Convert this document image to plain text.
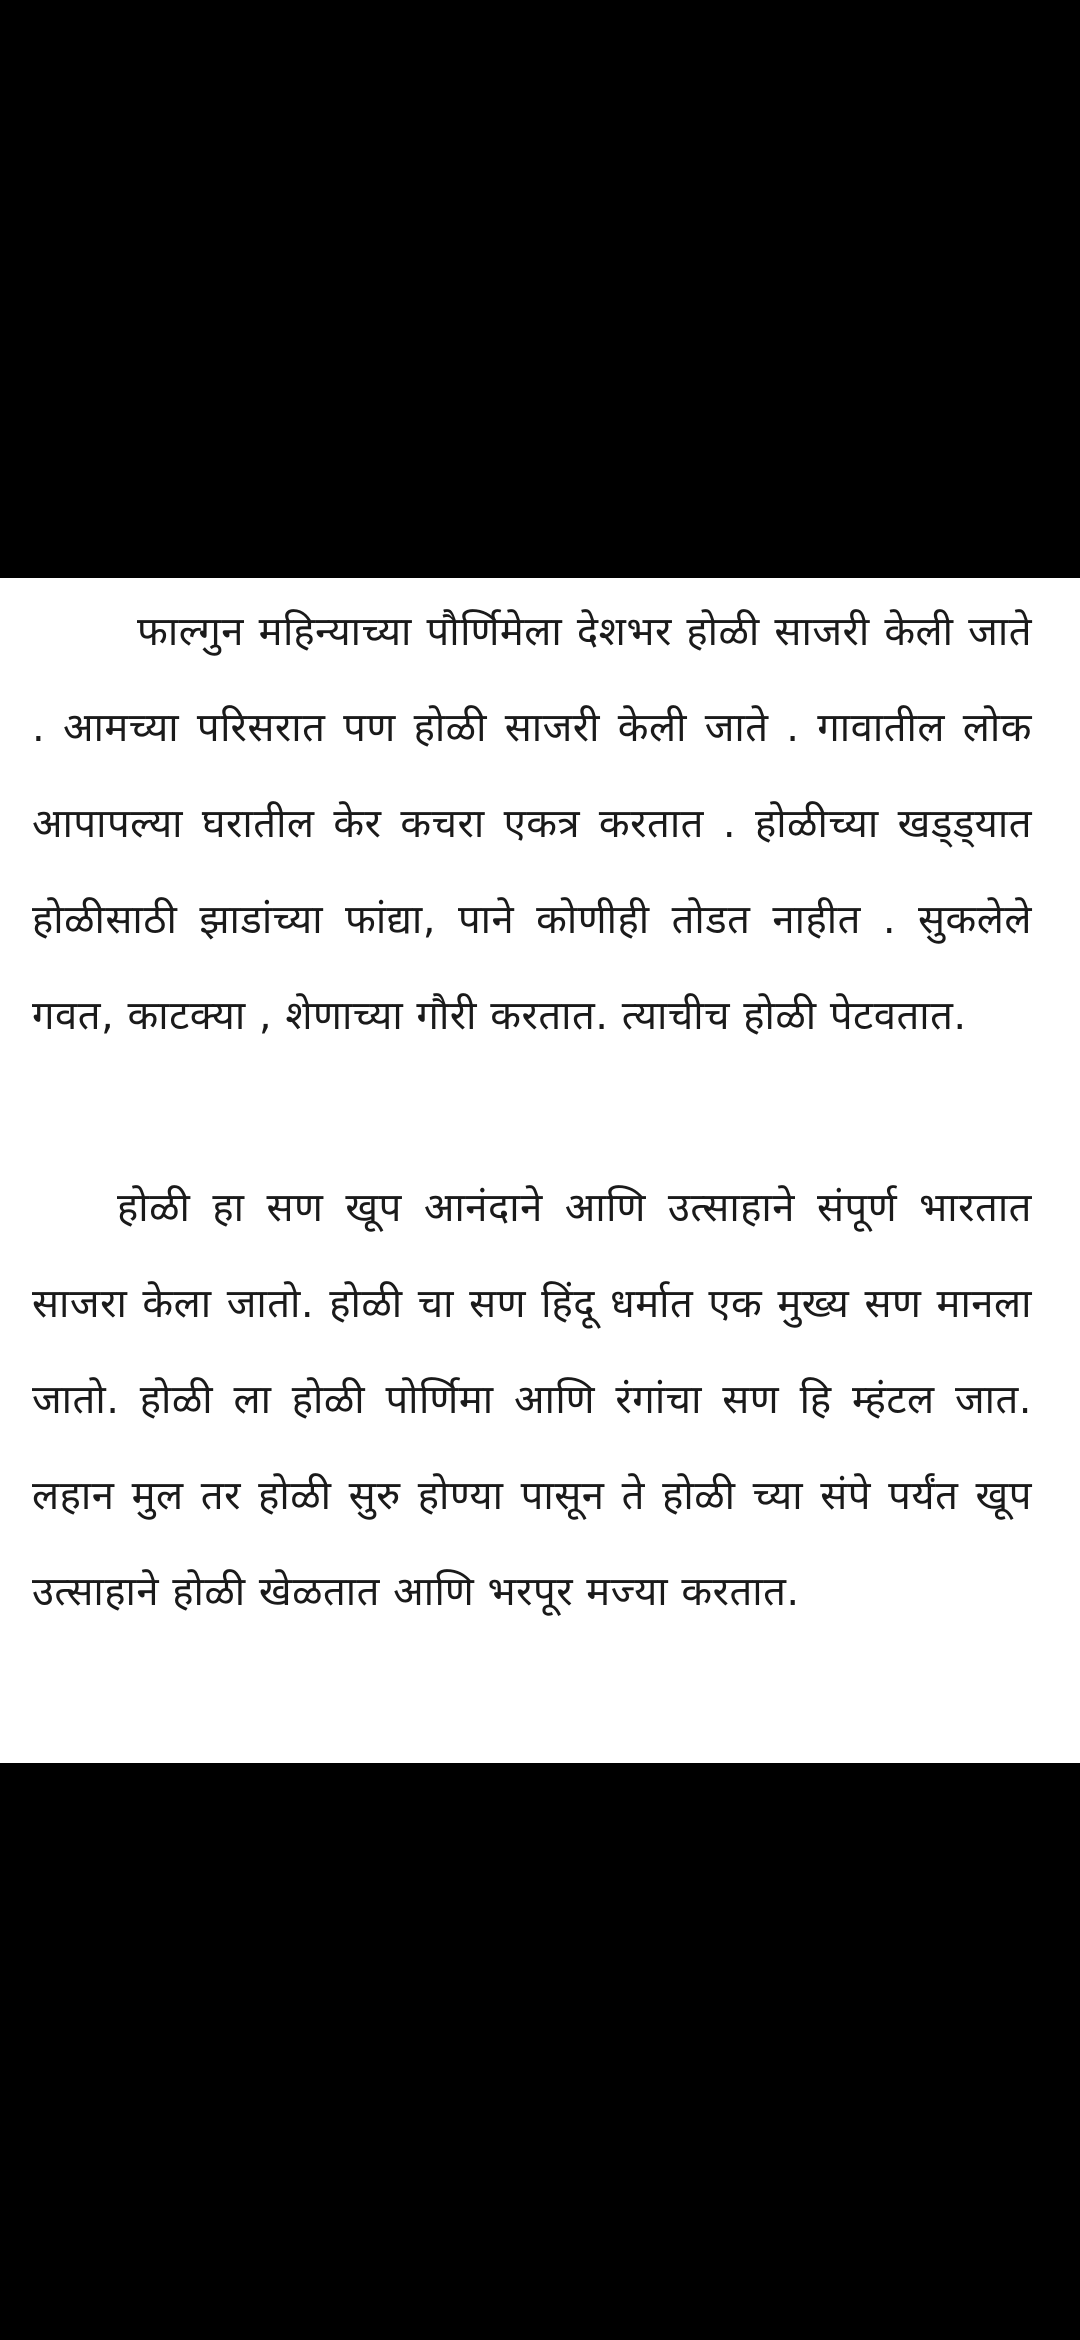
फाल्गुन महिन्याच्या पौर्णिमेला देशभर होळी साजरी केली जाते . आमच्या परिसरात पण होळी साजरी केली जाते . गावातील लोक आपापल्या घरातील केर कचरा एकत्र करतात . होळीच्या खड्ड्यात होळीसाठी झाडांच्या फांद्या, पाने कोणीही तोडत नाहीत . सुकलेले गवत, काटक्या , शेणाच्या गौरी करतात. त्याचीच होळी पेटवतात.

होळी हा सण खूप आनंदाने आणि उत्साहाने संपूर्ण भारतात साजरा केला जातो. होळी चा सण हिंदू धर्मात एक मुख्य सण मानला जातो. होळी ला होळी पोर्णिमा आणि रंगांचा सण हि म्हंटल जात. लहान मुल तर होळी सुरु होण्या पासून ते होळी च्या संपे पर्यंत खूप उत्साहाने होळी खेळतात आणि भरपूर मज्या करतात.
